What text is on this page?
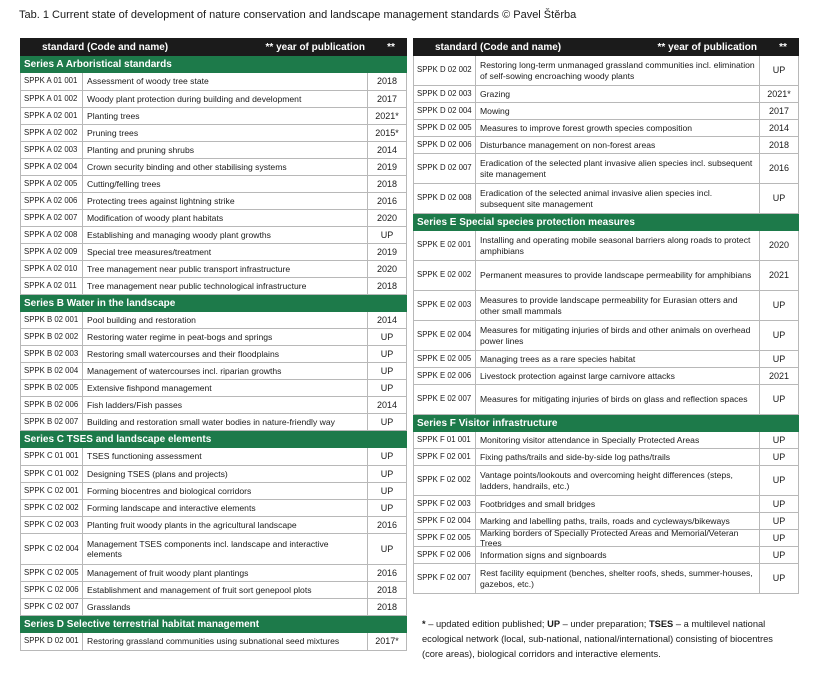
Tab. 1 Current state of development of nature conservation and landscape management standards © Pavel Štěrba
standard (Code and name)	** year of publication	**
Series A Arboristical standards
SPPK A 01 001	Assessment of woody tree state	2018
SPPK A 01 002	Woody plant protection during building and development	2017
SPPK A 02 001	Planting trees	2021*
SPPK A 02 002	Pruning trees	2015*
SPPK A 02 003	Planting and pruning shrubs	2014
SPPK A 02 004	Crown security binding and other stabilising systems	2019
SPPK A 02 005	Cutting/felling trees	2018
SPPK A 02 006	Protecting trees against lightning strike	2016
SPPK A 02 007	Modification of woody plant habitats	2020
SPPK A 02 008	Establishing and managing woody plant growths	UP
SPPK A 02 009	Special tree measures/treatment	2019
SPPK A 02 010	Tree management near public transport infrastructure	2020
SPPK A 02 011	Tree management near public technological infrastructure	2018
Series B Water in the landscape
SPPK B 02 001	Pool building and restoration	2014
SPPK B 02 002	Restoring water regime in peat-bogs and springs	UP
SPPK B 02 003	Restoring small watercourses and their floodplains	UP
SPPK B 02 004	Management of watercourses incl. riparian growths	UP
SPPK B 02 005	Extensive fishpond management	UP
SPPK B 02 006	Fish ladders/Fish passes	2014
SPPK B 02 007	Building and restoration small water bodies in nature-friendly way	UP
Series C TSES and landscape elements
SPPK C 01 001 TSES functioning assessment	UP
SPPK C 01 002 Designing TSES (plans and projects)	UP
SPPK C 02 001 Forming biocentres and biological corridors	UP
SPPK C 02 002 Forming landscape and interactive elements	UP
SPPK C 02 003 Planting fruit woody plants in the agricultural landscape	2016
SPPK C 02 004 Management TSES components incl. landscape and interactive elements
UP
SPPK C 02 005 Management of fruit woody plant plantings	2016
SPPK C 02 006 Establishment and management of fruit sort genepool plots	2018
SPPK C 02 007 Grasslands	2018
Series D Selective terrestrial habitat management
SPPK D 02 001 Restoring grassland communities using subnational seed mixtures	2017*
standard (Code and name)	** year of publication	**
SPPK D 02 002 Restoring long-term unmanaged grassland communities incl. elimination of self-sowing encroaching woody plants
UP
SPPK D 02 003 Grazing	2021*
SPPK D 02 004 Mowing	2017
SPPK D 02 005 Measures to improve forest growth species composition	2014
SPPK D 02 006 Disturbance management on non-forest areas	2018
SPPK D 02 007 Eradication of the selected plant invasive alien species incl. subsequent site management
2016
SPPK D 02 008 Eradication of the selected animal invasive alien species incl. subsequent site management
UP
Series E Special species protection measures
SPPK E 02 001	Installing and operating mobile seasonal barriers along roads to protect amphibians
2020
SPPK E 02 002	Permanent measures to provide landscape permeability for amphibians	2021
SPPK E 02 003	Measures to provide landscape permeability for Eurasian otters and other small mammals
UP
SPPK E 02 004	Measures for mitigating injuries of birds and other animals on overhead power lines
UP
SPPK E 02 005	Managing trees as a rare species habitat	UP
SPPK E 02 006	Livestock protection against large carnivore attacks	2021
SPPK E 02 007	Measures for mitigating injuries of birds on glass and reflection spaces	UP
Series F Visitor infrastructure
SPPK F 01 001	Monitoring visitor attendance in Specially Protected Areas	UP
SPPK F 02 001	Fixing paths/trails and side-by-side log paths/trails	UP
SPPK F 02 002	Vantage points/lookouts and overcoming height differences (steps, ladders, handrails, etc.)
UP
SPPK F 02 003	Footbridges and small bridges	UP
SPPK F 02 004	Marking and labelling paths, trails, roads and cycleways/bikeways	UP
SPPK F 02 005	Marking borders of Specially Protected Areas and Memorial/Veteran Trees
UP
SPPK F 02 006	Information signs and signboards	UP
SPPK F 02 007	Rest facility equipment (benches, shelter roofs, sheds, summer-houses, gazebos, etc.)
UP
* – updated edition published; UP – under preparation; TSES – a multilevel national ecological network (local, sub-national, national/international) consisting of biocentres (core areas), biological corridors and interactive elements.
